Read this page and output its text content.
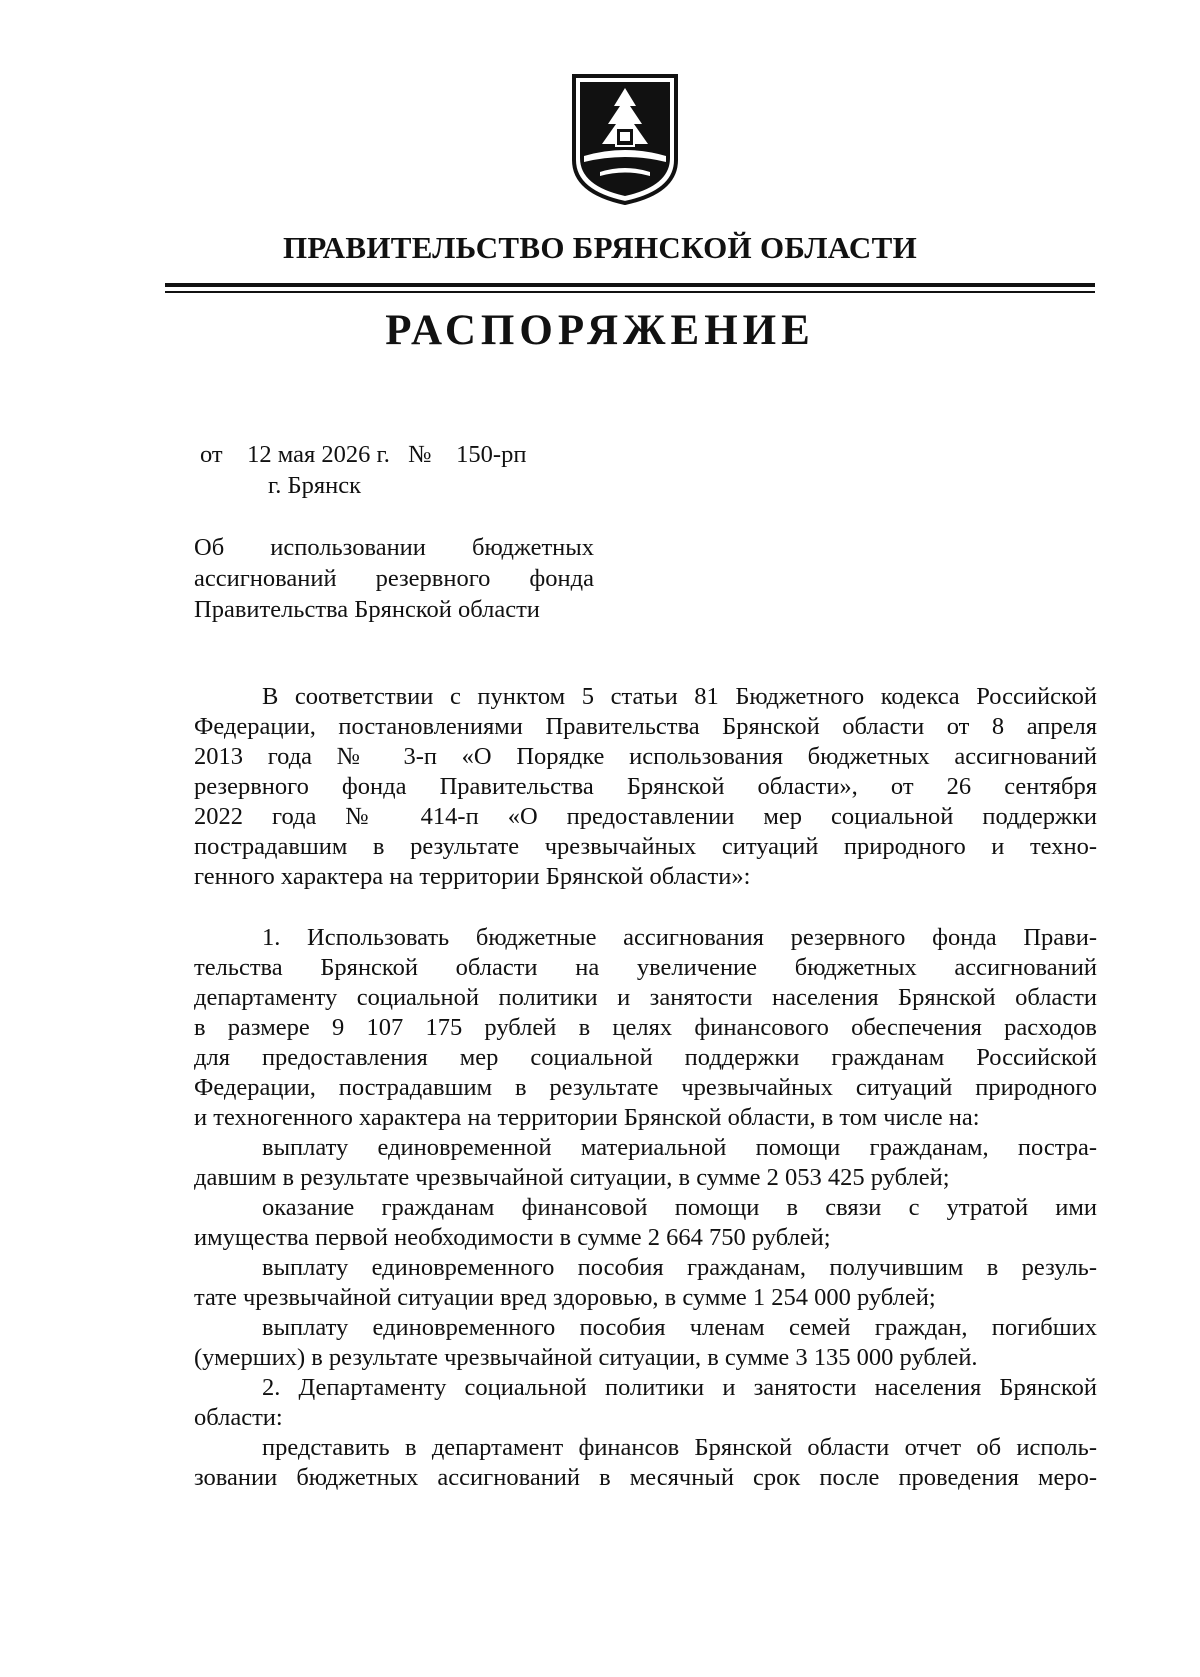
ПРАВИТЕЛЬСТВО БРЯНСКОЙ ОБЛАСТИ
РАСПОРЯЖЕНИЕ
от 12 мая 2026 г. № 150-рп
г. Брянск
Об использовании бюджетных
ассигнований резервного фонда
Правительства Брянской области
В соответствии с пунктом 5 статьи 81 Бюджетного кодекса Российской
Федерации, постановлениями Правительства Брянской области от 8 апреля
2013 года № 3-п «О Порядке использования бюджетных ассигнований
резервного фонда Правительства Брянской области», от 26 сентября
2022 года № 414-п «О предоставлении мер социальной поддержки
пострадавшим в результате чрезвычайных ситуаций природного и техно-
генного характера на территории Брянской области»:
1. Использовать бюджетные ассигнования резервного фонда Прави-
тельства Брянской области на увеличение бюджетных ассигнований
департаменту социальной политики и занятости населения Брянской области
в размере 9 107 175 рублей в целях финансового обеспечения расходов
для предоставления мер социальной поддержки гражданам Российской
Федерации, пострадавшим в результате чрезвычайных ситуаций природного
и техногенного характера на территории Брянской области, в том числе на:
выплату единовременной материальной помощи гражданам, постра-
давшим в результате чрезвычайной ситуации, в сумме 2 053 425 рублей;
оказание гражданам финансовой помощи в связи с утратой ими
имущества первой необходимости в сумме 2 664 750 рублей;
выплату единовременного пособия гражданам, получившим в резуль-
тате чрезвычайной ситуации вред здоровью, в сумме 1 254 000 рублей;
выплату единовременного пособия членам семей граждан, погибших
(умерших) в результате чрезвычайной ситуации, в сумме 3 135 000 рублей.
2. Департаменту социальной политики и занятости населения Брянской
области:
представить в департамент финансов Брянской области отчет об исполь-
зовании бюджетных ассигнований в месячный срок после проведения меро-
